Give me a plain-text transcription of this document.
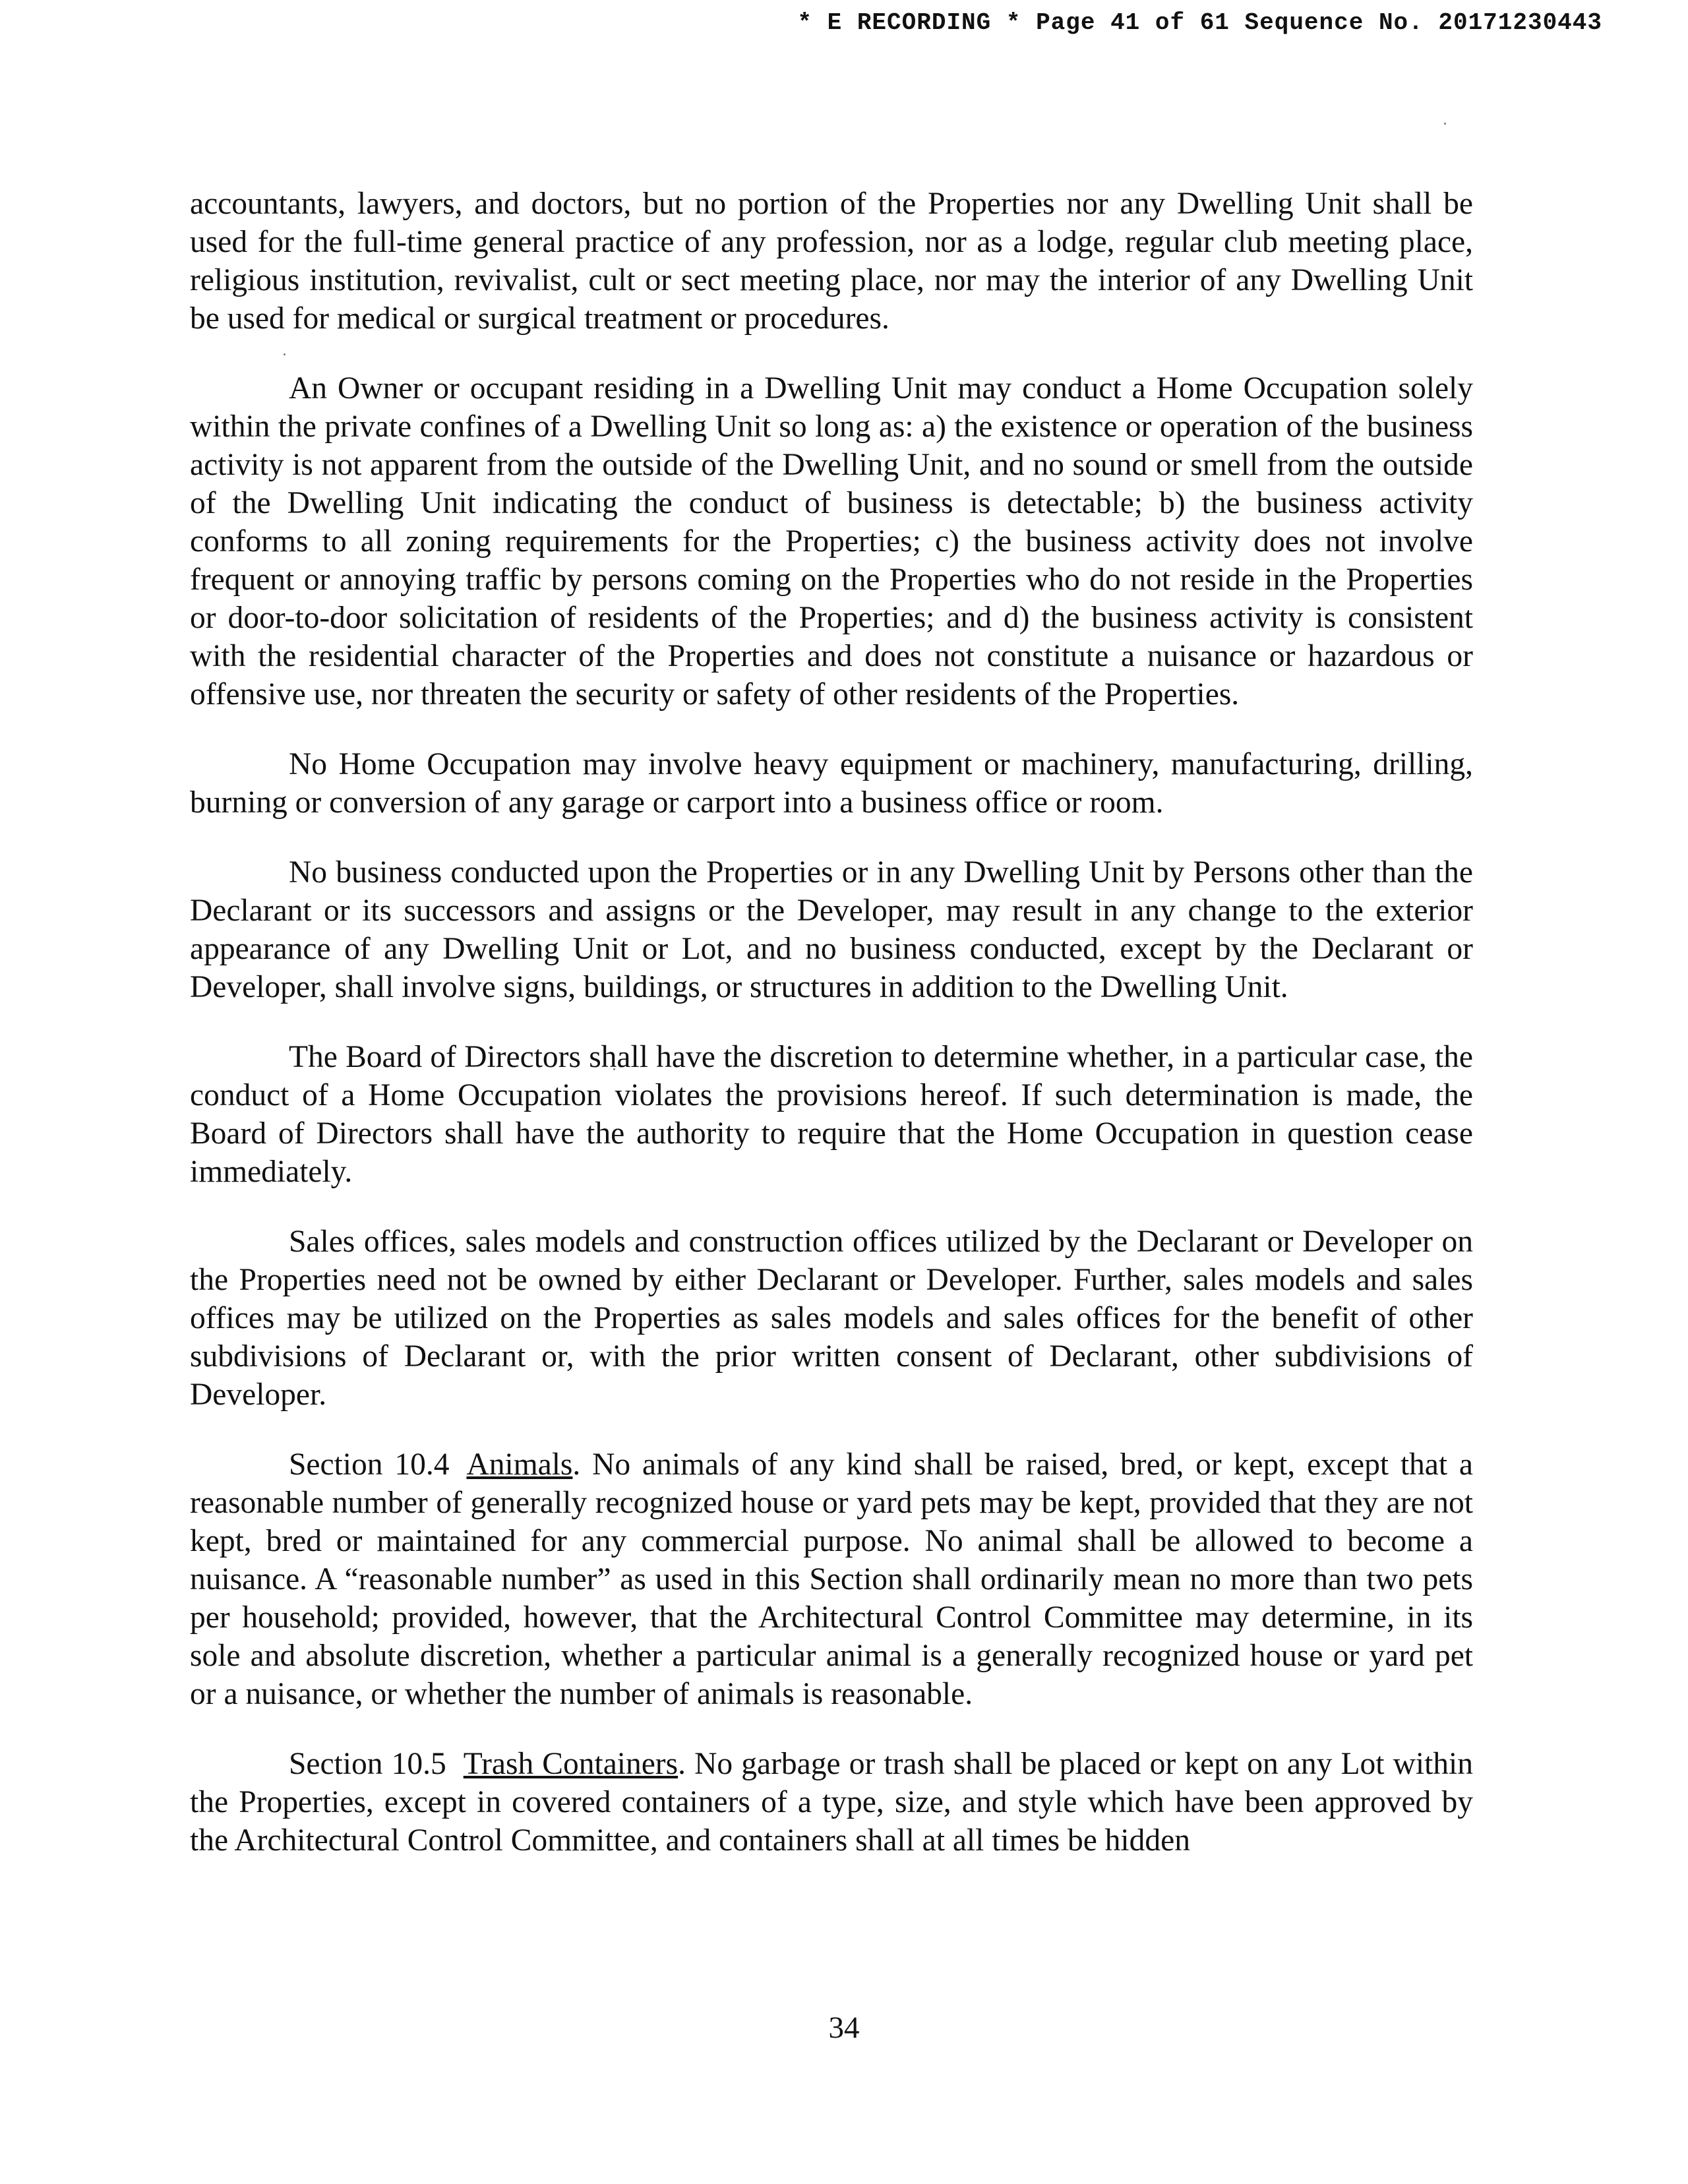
* E RECORDING * Page 41 of 61 Sequence No. 20171230443

accountants, lawyers, and doctors, but no portion of the Properties nor any Dwelling Unit shall be used for the full-time general practice of any profession, nor as a lodge, regular club meeting place, religious institution, revivalist, cult or sect meeting place, nor may the interior of any Dwelling Unit be used for medical or surgical treatment or procedures.

An Owner or occupant residing in a Dwelling Unit may conduct a Home Occupation solely within the private confines of a Dwelling Unit so long as: a) the existence or operation of the business activity is not apparent from the outside of the Dwelling Unit, and no sound or smell from the outside of the Dwelling Unit indicating the conduct of business is detectable; b) the business activity conforms to all zoning requirements for the Properties; c) the business activity does not involve frequent or annoying traffic by persons coming on the Properties who do not reside in the Properties or door-to-door solicitation of residents of the Properties; and d) the business activity is consistent with the residential character of the Properties and does not constitute a nuisance or hazardous or offensive use, nor threaten the security or safety of other residents of the Properties.

No Home Occupation may involve heavy equipment or machinery, manufacturing, drilling, burning or conversion of any garage or carport into a business office or room.

No business conducted upon the Properties or in any Dwelling Unit by Persons other than the Declarant or its successors and assigns or the Developer, may result in any change to the exterior appearance of any Dwelling Unit or Lot, and no business conducted, except by the Declarant or Developer, shall involve signs, buildings, or structures in addition to the Dwelling Unit.

The Board of Directors shall have the discretion to determine whether, in a particular case, the conduct of a Home Occupation violates the provisions hereof. If such determination is made, the Board of Directors shall have the authority to require that the Home Occupation in question cease immediately.

Sales offices, sales models and construction offices utilized by the Declarant or Developer on the Properties need not be owned by either Declarant or Developer. Further, sales models and sales offices may be utilized on the Properties as sales models and sales offices for the benefit of other subdivisions of Declarant or, with the prior written consent of Declarant, other subdivisions of Developer.

Section 10.4 Animals. No animals of any kind shall be raised, bred, or kept, except that a reasonable number of generally recognized house or yard pets may be kept, provided that they are not kept, bred or maintained for any commercial purpose. No animal shall be allowed to become a nuisance. A “reasonable number” as used in this Section shall ordinarily mean no more than two pets per household; provided, however, that the Architectural Control Committee may determine, in its sole and absolute discretion, whether a particular animal is a generally recognized house or yard pet or a nuisance, or whether the number of animals is reasonable.

Section 10.5 Trash Containers. No garbage or trash shall be placed or kept on any Lot within the Properties, except in covered containers of a type, size, and style which have been approved by the Architectural Control Committee, and containers shall at all times be hidden

34
